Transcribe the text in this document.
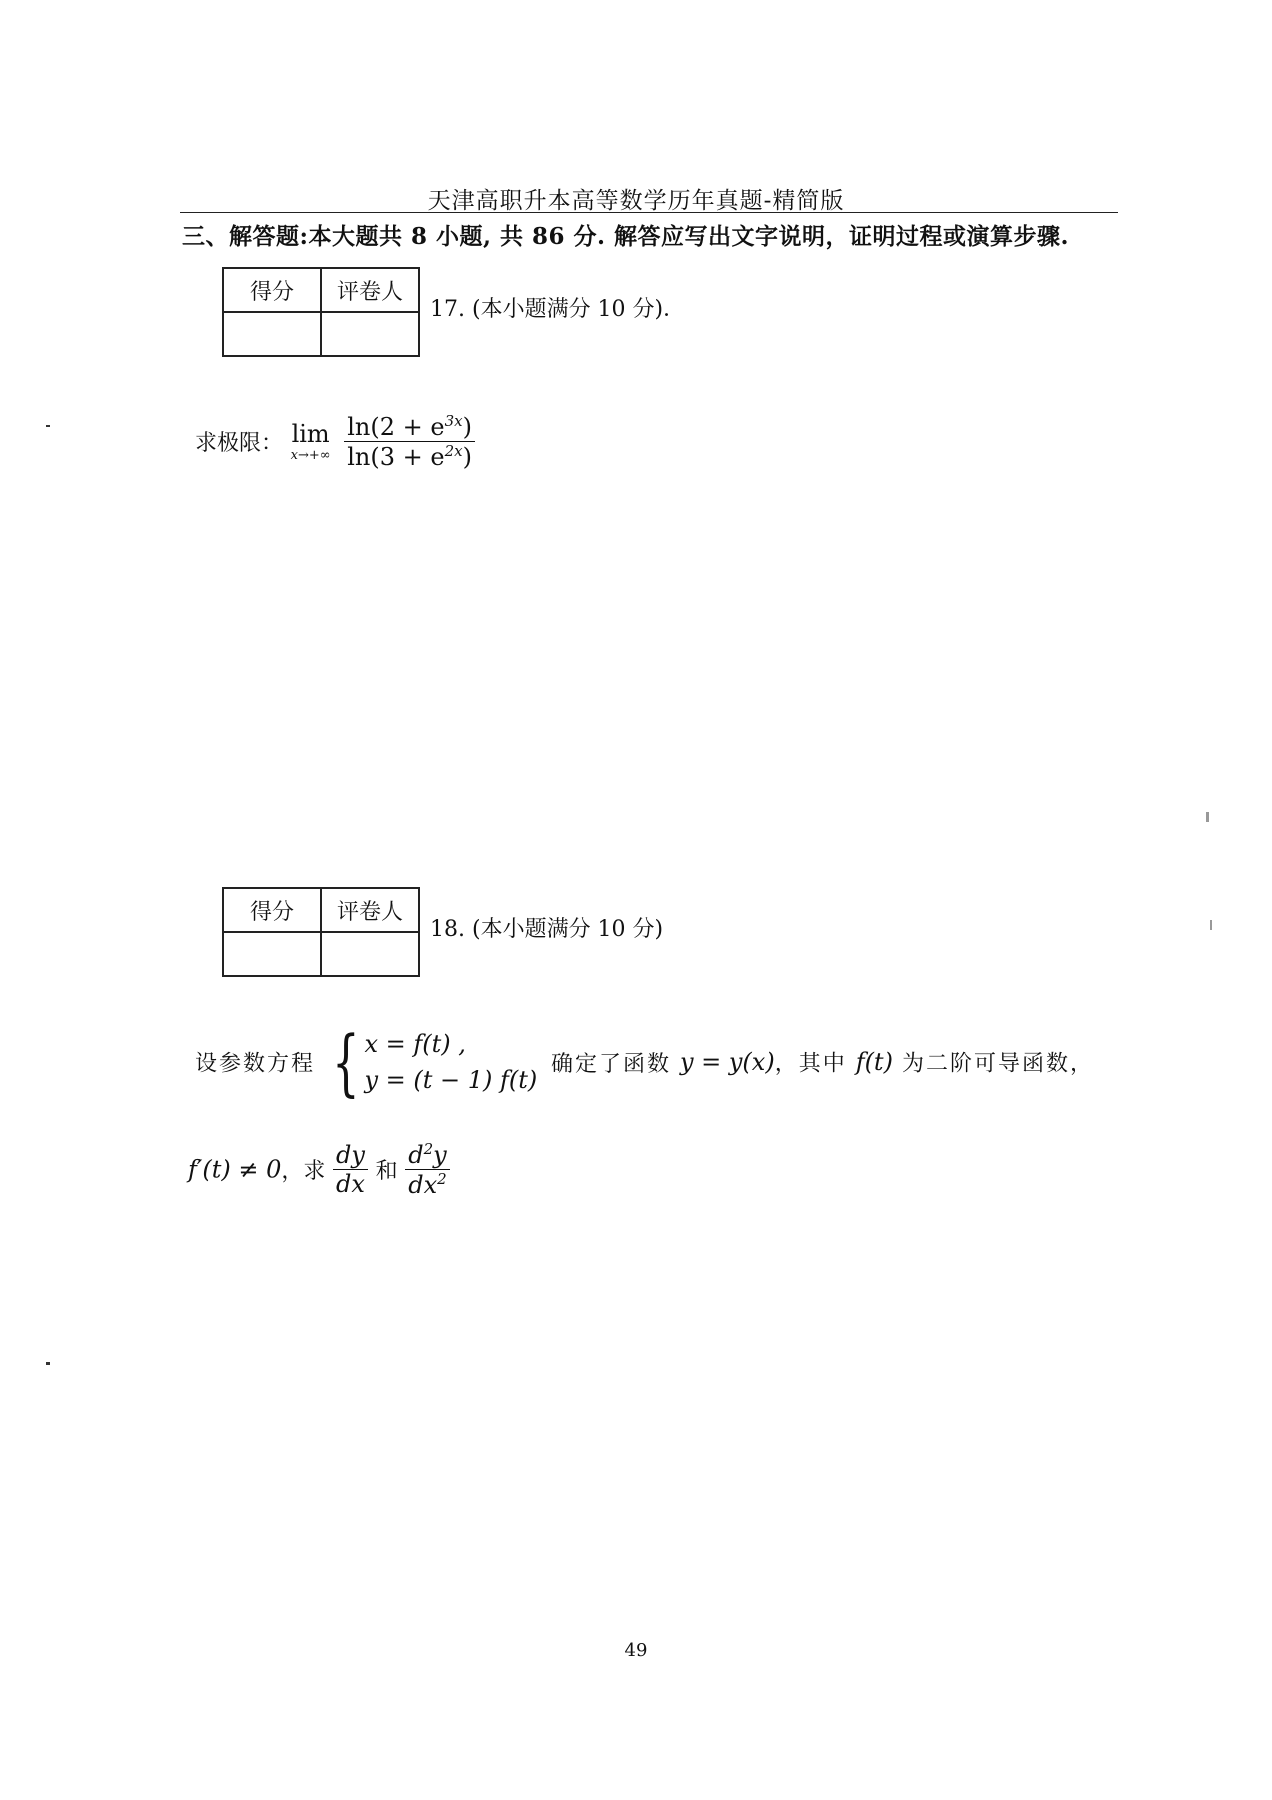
天津高职升本高等数学历年真题-精简版
三、解答题:本大题共 8 小题, 共 86 分. 解答应写出文字说明，证明过程或演算步骤.
得分	评卷人

17. (本小题满分 10 分)．
求极限： lim
x→+∞
$\frac{\ln(2 + e^{3x})}{\ln(3 + e^{2x})}$
得分	评卷人

18. (本小题满分 10 分)
设参数方程 { x = f(t) ,
y = (t − 1) f(t)
确定了函数 y = y(x)，其中 f(t) 为二阶可导函数，
f′(t) ≠ 0，求 $\frac{dy}{dx}$ 和 $\frac{d^2y}{dx^2}$
49
